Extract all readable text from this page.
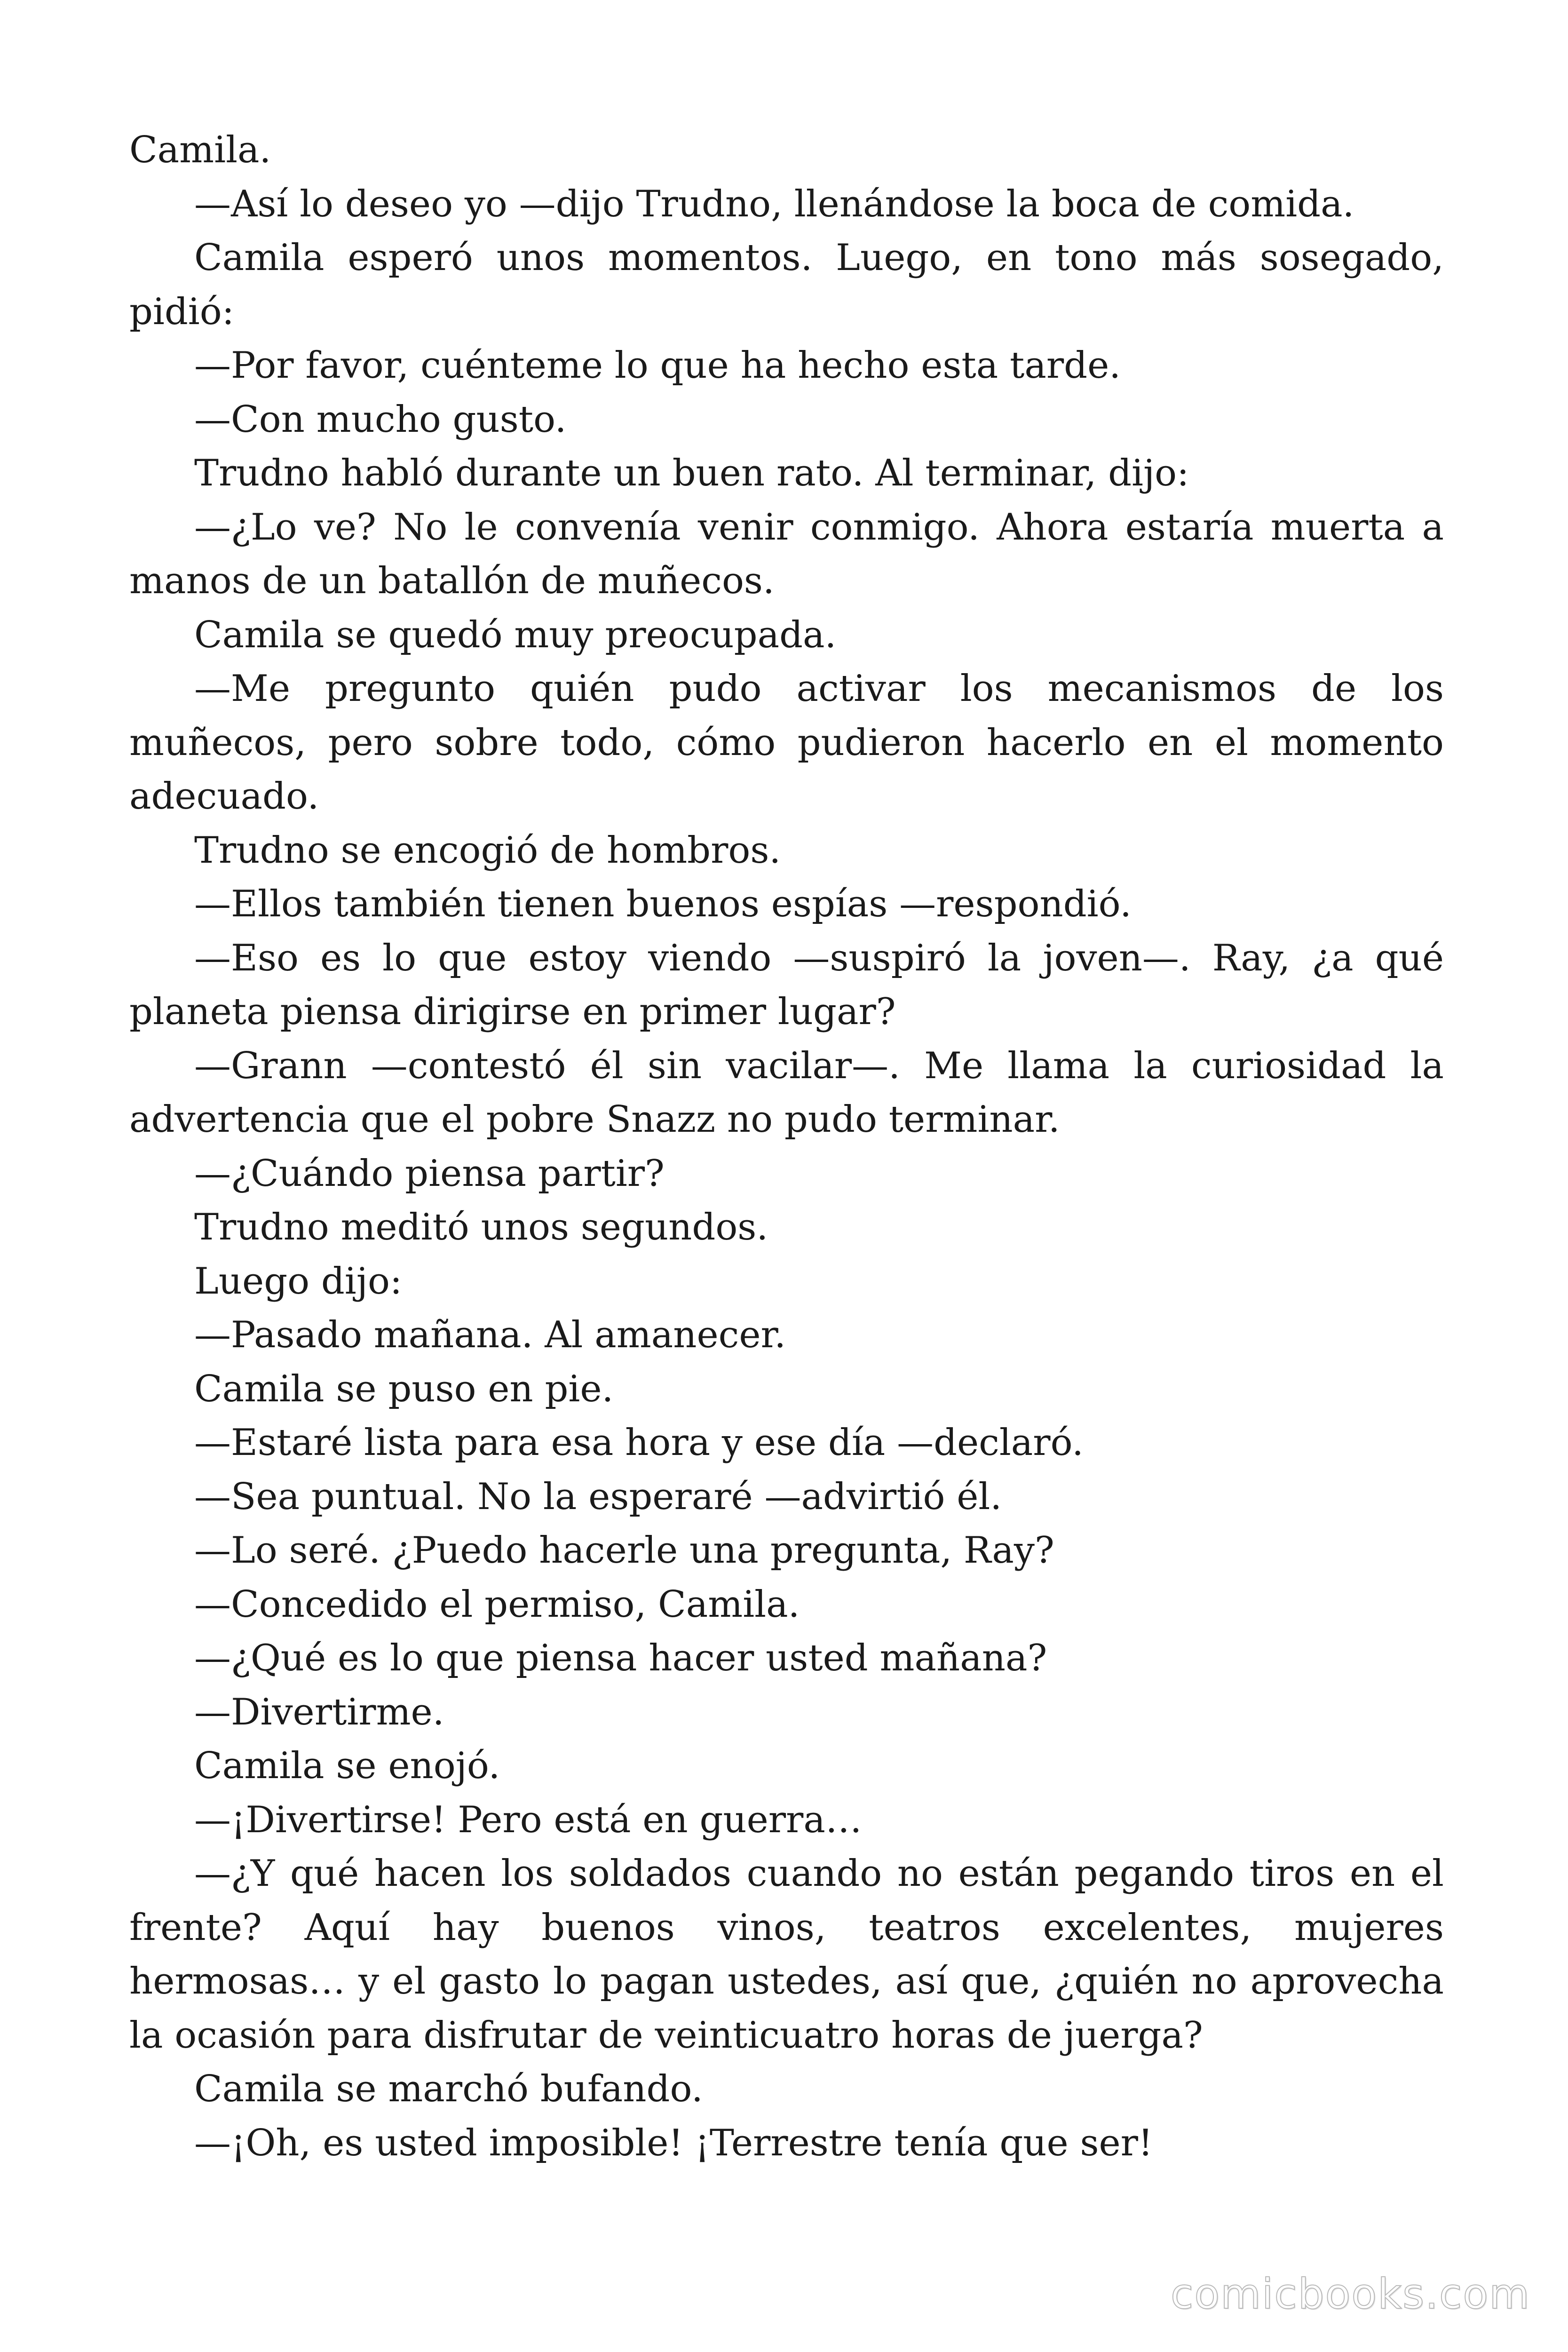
Camila.

—Así lo deseo yo —dijo Trudno, llenándose la boca de comida.

Camila esperó unos momentos. Luego, en tono más sosegado, pidió:

—Por favor, cuénteme lo que ha hecho esta tarde.

—Con mucho gusto.

Trudno habló durante un buen rato. Al terminar, dijo:

—¿Lo ve? No le convenía venir conmigo. Ahora estaría muerta a manos de un batallón de muñecos.

Camila se quedó muy preocupada.

—Me pregunto quién pudo activar los mecanismos de los muñecos, pero sobre todo, cómo pudieron hacerlo en el momento adecuado.

Trudno se encogió de hombros.

—Ellos también tienen buenos espías —respondió.

—Eso es lo que estoy viendo —suspiró la joven—. Ray, ¿a qué planeta piensa dirigirse en primer lugar?

—Grann —contestó él sin vacilar—. Me llama la curiosidad la advertencia que el pobre Snazz no pudo terminar.

—¿Cuándo piensa partir?

Trudno meditó unos segundos.

Luego dijo:

—Pasado mañana. Al amanecer.

Camila se puso en pie.

—Estaré lista para esa hora y ese día —declaró.

—Sea puntual. No la esperaré —advirtió él.

—Lo seré. ¿Puedo hacerle una pregunta, Ray?

—Concedido el permiso, Camila.

—¿Qué es lo que piensa hacer usted mañana?

—Divertirme.

Camila se enojó.

—¡Divertirse! Pero está en guerra…

—¿Y qué hacen los soldados cuando no están pegando tiros en el frente? Aquí hay buenos vinos, teatros excelentes, mujeres hermosas… y el gasto lo pagan ustedes, así que, ¿quién no aprovecha la ocasión para disfrutar de veinticuatro horas de juerga?

Camila se marchó bufando.

—¡Oh, es usted imposible! ¡Terrestre tenía que ser!

comicbooks.com
